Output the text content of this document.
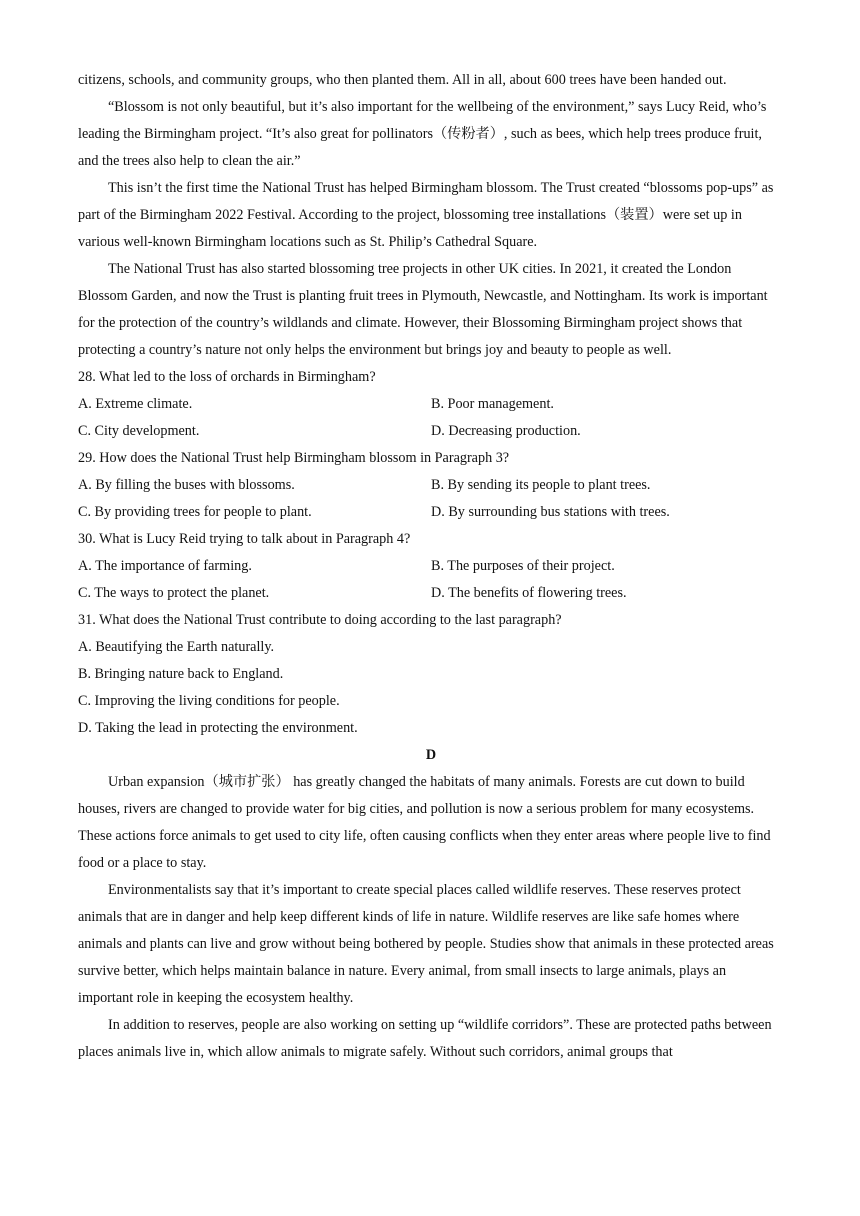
citizens, schools, and community groups, who then planted them. All in all, about 600 trees have been handed out.

“Blossom is not only beautiful, but it’s also important for the wellbeing of the environment,” says Lucy Reid, who’s leading the Birmingham project. “It’s also great for pollinators（传粉者）, such as bees, which help trees produce fruit, and the trees also help to clean the air.”

This isn’t the first time the National Trust has helped Birmingham blossom. The Trust created “blossoms pop-ups” as part of the Birmingham 2022 Festival. According to the project, blossoming tree installations（装置）were set up in various well-known Birmingham locations such as St. Philip’s Cathedral Square.

The National Trust has also started blossoming tree projects in other UK cities. In 2021, it created the London Blossom Garden, and now the Trust is planting fruit trees in Plymouth, Newcastle, and Nottingham. Its work is important for the protection of the country’s wildlands and climate. However, their Blossoming Birmingham project shows that protecting a country’s nature not only helps the environment but brings joy and beauty to people as well.

28. What led to the loss of orchards in Birmingham?

A. Extreme climate.	B. Poor management.
C. City development.	D. Decreasing production.

29. How does the National Trust help Birmingham blossom in Paragraph 3?

A. By filling the buses with blossoms.	B. By sending its people to plant trees.
C. By providing trees for people to plant.	D. By surrounding bus stations with trees.

30. What is Lucy Reid trying to talk about in Paragraph 4?

A. The importance of farming.	B. The purposes of their project.
C. The ways to protect the planet.	D. The benefits of flowering trees.

31. What does the National Trust contribute to doing according to the last paragraph?

A. Beautifying the Earth naturally.
B. Bringing nature back to England.
C. Improving the living conditions for people.
D. Taking the lead in protecting the environment.

D

Urban expansion（城市扩张） has greatly changed the habitats of many animals. Forests are cut down to build houses, rivers are changed to provide water for big cities, and pollution is now a serious problem for many ecosystems. These actions force animals to get used to city life, often causing conflicts when they enter areas where people live to find food or a place to stay.

Environmentalists say that it’s important to create special places called wildlife reserves. These reserves protect animals that are in danger and help keep different kinds of life in nature. Wildlife reserves are like safe homes where animals and plants can live and grow without being bothered by people. Studies show that animals in these protected areas survive better, which helps maintain balance in nature. Every animal, from small insects to large animals, plays an important role in keeping the ecosystem healthy.

In addition to reserves, people are also working on setting up “wildlife corridors”. These are protected paths between places animals live in, which allow animals to migrate safely. Without such corridors, animal groups that
